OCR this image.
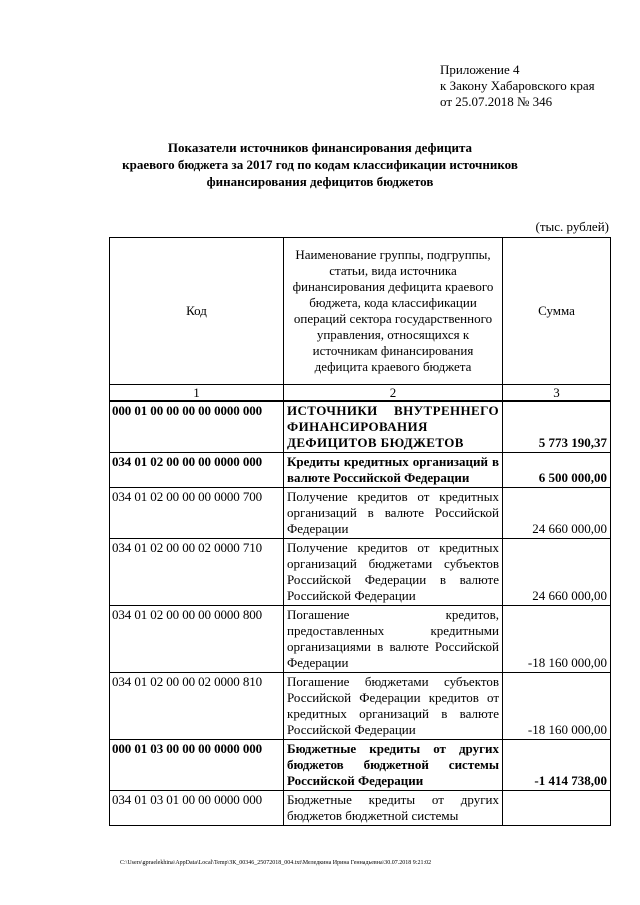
Приложение 4
к Закону Хабаровского края
от 25.07.2018 № 346
Показатели источников финансирования дефицита
краевого бюджета за 2017 год по кодам классификации источников
финансирования дефицитов бюджетов
(тыс. рублей)
Код	Наименование группы, подгруппы, статьи, вида источника финансирования дефицита краевого бюджета, кода классификации операций сектора государственного управления, относящихся к источникам финансирования дефицита краевого бюджета	Сумма
1	2	3
000 01 00 00 00 00 0000 000	ИСТОЧНИКИ ВНУТРЕННЕГО ФИНАНСИРОВАНИЯ ДЕФИЦИТОВ БЮДЖЕТОВ	5 773 190,37
034 01 02 00 00 00 0000 000	Кредиты кредитных организаций в валюте Российской Федерации	6 500 000,00
034 01 02 00 00 00 0000 700	Получение кредитов от кредитных организаций в валюте Российской Федерации	24 660 000,00
034 01 02 00 00 02 0000 710	Получение кредитов от кредитных организаций бюджетами субъектов Российской Федерации в валюте Российской Федерации	24 660 000,00
034 01 02 00 00 00 0000 800	Погашение кредитов, предоставленных кредитными организациями в валюте Российской Федерации	-18 160 000,00
034 01 02 00 00 02 0000 810	Погашение бюджетами субъектов Российской Федерации кредитов от кредитных организаций в валюте Российской Федерации	-18 160 000,00
000 01 03 00 00 00 0000 000	Бюджетные кредиты от других бюджетов бюджетной системы Российской Федерации	-1 414 738,00
034 01 03 01 00 00 0000 000	Бюджетные кредиты от других бюджетов бюджетной системы	
C:\Users\gpraelekhina\AppData\Local\Temp\ЗК_00346_25072018_004.txt\Меледкина Ирина Геннадьевна\30.07.2018 9:21:02
